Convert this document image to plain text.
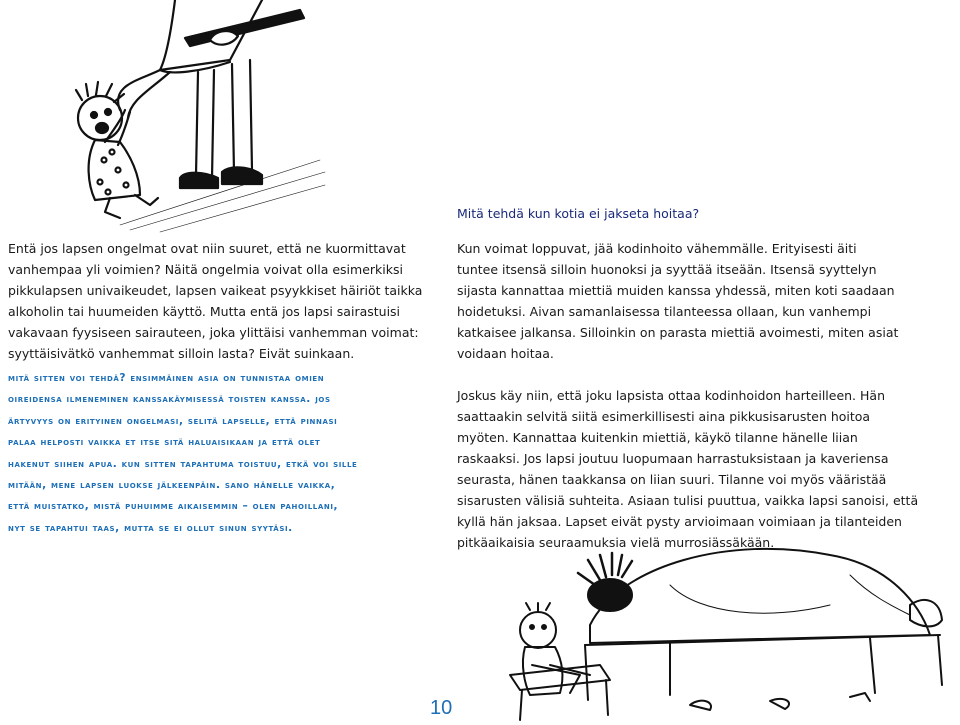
Mitä tehdä kun kotia ei jakseta hoitaa?

Entä jos lapsen ongelmat ovat niin suuret, että ne kuormittavat
vanhempaa yli voimien? Näitä ongelmia voivat olla esimerkiksi
pikkulapsen univaikeudet, lapsen vaikeat psyykkiset häiriöt taikka
alkoholin tai huumeiden käyttö. Mutta entä jos lapsi sairastuisi
vakavaan fyysiseen sairauteen, joka ylittäisi vanhemman voimat:
syyttäisivätkö vanhemmat silloin lasta? Eivät suinkaan.

mitä sitten voi tehdä? ensimmäinen asia on tunnistaa omien
oireidensa ilmeneminen kanssakäymisessä toisten kanssa. jos
ärtyvyys on erityinen ongelmasi, selitä lapselle, että pinnasi
palaa helposti vaikka et itse sitä haluaisikaan ja että olet
hakenut siihen apua. kun sitten tapahtuma toistuu, etkä voi sille
mitään, mene lapsen luokse jälkeenpäin. sano hänelle vaikka,
että muistatko, mistä puhuimme aikaisemmin – olen pahoillani,
nyt se tapahtui taas, mutta se ei ollut sinun syytäsi.

Kun voimat loppuvat, jää kodinhoito vähemmälle. Erityisesti äiti
tuntee itsensä silloin huonoksi ja syyttää itseään. Itsensä syyttelyn
sijasta kannattaa miettiä muiden kanssa yhdessä, miten koti saadaan
hoidetuksi. Aivan samanlaisessa tilanteessa ollaan, kun vanhempi
katkaisee jalkansa. Silloinkin on parasta miettiä avoimesti, miten asiat
voidaan hoitaa.

Joskus käy niin, että joku lapsista ottaa kodinhoidon harteilleen. Hän
saattaakin selvitä siitä esimerkillisesti aina pikkusisarusten hoitoa
myöten. Kannattaa kuitenkin miettiä, käykö tilanne hänelle liian
raskaaksi. Jos lapsi joutuu luopumaan harrastuksistaan ja kaveriensa
seurasta, hänen taakkansa on liian suuri. Tilanne voi myös vääristää
sisarusten välisiä suhteita. Asiaan tulisi puuttua, vaikka lapsi sanoisi, että
kyllä hän jaksaa. Lapset eivät pysty arvioimaan voimiaan ja tilanteiden
pitkäaikaisia seuraamuksia vielä murrosiässäkään.

10
